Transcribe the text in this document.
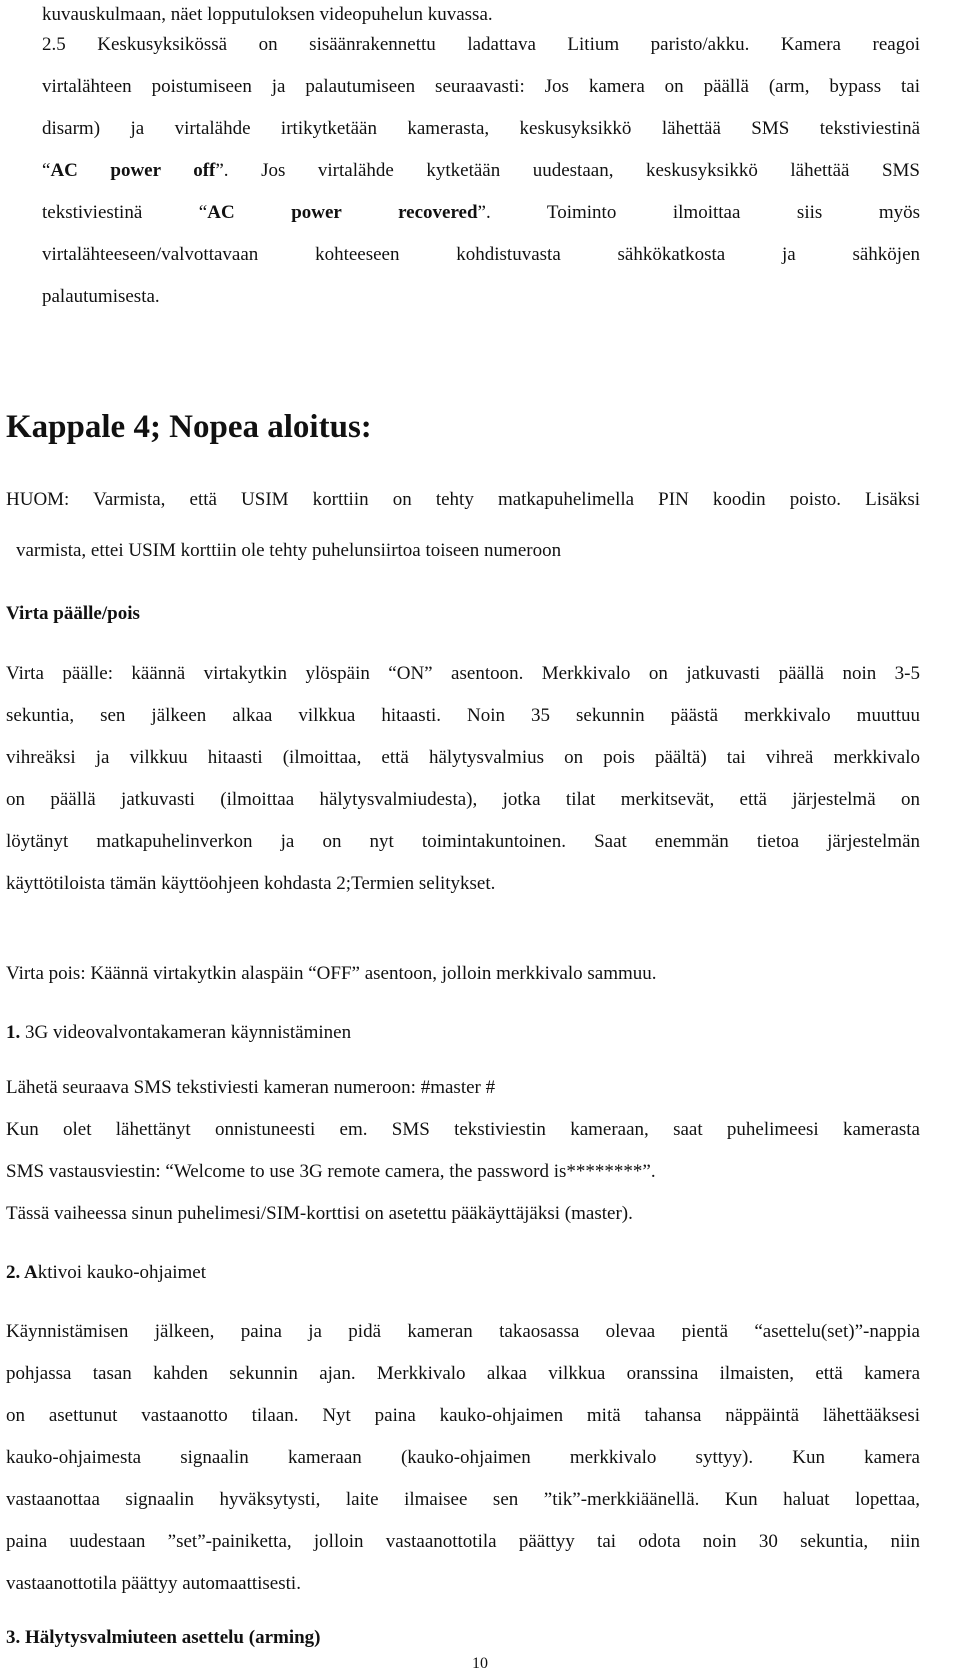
kuvauskulmaan, näet lopputuloksen videopuhelun kuvassa.

2.5 Keskusyksikössä on sisäänrakennettu ladattava Litium paristo/akku. Kamera reagoi

virtalähteen poistumiseen ja palautumiseen seuraavasti: Jos kamera on päällä (arm, bypass tai

disarm) ja virtalähde irtikytketään kamerasta, keskusyksikkö lähettää SMS tekstiviestinä

“AC power off”. Jos virtalähde kytketään uudestaan, keskusyksikkö lähettää SMS

tekstiviestinä “AC power recovered”. Toiminto ilmoittaa siis myös

virtalähteeseen/valvottavaan kohteeseen kohdistuvasta sähkökatkosta ja sähköjen

palautumisesta.

Kappale 4; Nopea aloitus:

HUOM: Varmista, että USIM korttiin on tehty matkapuhelimella PIN koodin poisto. Lisäksi

varmista, ettei USIM korttiin ole tehty puhelunsiirtoa toiseen numeroon

Virta päälle/pois

Virta päälle: käännä virtakytkin ylöspäin “ON” asentoon. Merkkivalo on jatkuvasti päällä noin 3-5

sekuntia, sen jälkeen alkaa vilkkua hitaasti. Noin 35 sekunnin päästä merkkivalo muuttuu

vihreäksi ja vilkkuu hitaasti (ilmoittaa, että hälytysvalmius on pois päältä) tai vihreä merkkivalo

on päällä jatkuvasti (ilmoittaa hälytysvalmiudesta), jotka tilat merkitsevät, että järjestelmä on

löytänyt matkapuhelinverkon ja on nyt toimintakuntoinen. Saat enemmän tietoa järjestelmän

käyttötiloista tämän käyttöohjeen kohdasta 2;Termien selitykset.

Virta pois: Käännä virtakytkin alaspäin “OFF” asentoon, jolloin merkkivalo sammuu.

1. 3G videovalvontakameran käynnistäminen

Lähetä seuraava SMS tekstiviesti kameran numeroon: #master #

Kun olet lähettänyt onnistuneesti em. SMS tekstiviestin kameraan, saat puhelimeesi kamerasta

SMS vastausviestin: “Welcome to use 3G remote camera, the password is********”.

Tässä vaiheessa sinun puhelimesi/SIM-korttisi on asetettu pääkäyttäjäksi (master).

2. Aktivoi kauko-ohjaimet

Käynnistämisen jälkeen, paina ja pidä kameran takaosassa olevaa pientä “asettelu(set)”-nappia

pohjassa tasan kahden sekunnin ajan. Merkkivalo alkaa vilkkua oranssina ilmaisten, että kamera

on asettunut vastaanotto tilaan. Nyt paina kauko-ohjaimen mitä tahansa näppäintä lähettääksesi

kauko-ohjaimesta signaalin kameraan (kauko-ohjaimen merkkivalo syttyy). Kun kamera

vastaanottaa signaalin hyväksytysti, laite ilmaisee sen ”tik”-merkkiäänellä. Kun haluat lopettaa,

paina uudestaan ”set”-painiketta, jolloin vastaanottotila päättyy tai odota noin 30 sekuntia, niin

vastaanottotila päättyy automaattisesti.

3. Hälytysvalmiuteen asettelu (arming)

10
